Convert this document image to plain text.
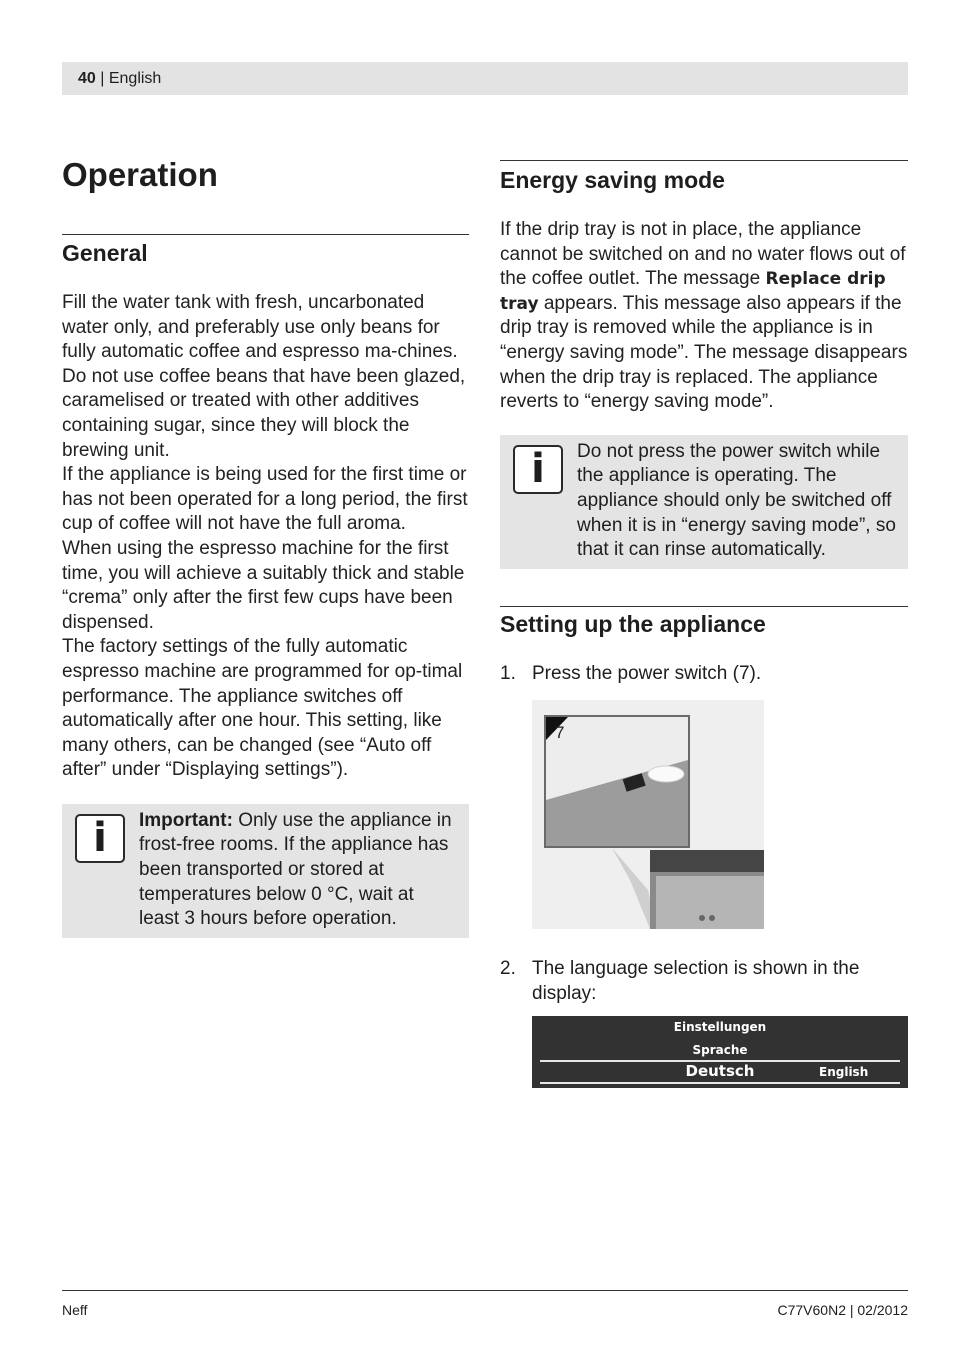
40 | English
Operation
General

Fill the water tank with fresh, uncarbonated water only, and preferably use only beans for fully automatic coffee and espresso ma-chines. Do not use coffee beans that have been glazed, caramelised or treated with other additives containing sugar, since they will block the brewing unit.

If the appliance is being used for the first time or has not been operated for a long period, the first cup of coffee will not have the full aroma.

When using the espresso machine for the first time, you will achieve a suitably thick and stable “crema” only after the first few cups have been dispensed.

The factory settings of the fully automatic espresso machine are programmed for op-timal performance. The appliance switches off automatically after one hour. This setting, like many others, can be changed (see “Auto off after” under “Displaying settings”).

i	Important: Only use the appliance in frost-free rooms. If the appliance has been transported or stored at temperatures below 0 °C, wait at least 3 hours before operation.
Energy saving mode

If the drip tray is not in place, the appliance cannot be switched on and no water flows out of the coffee outlet. The message Replace drip tray appears. This message also appears if the drip tray is removed while the appliance is in “energy saving mode”. The message disappears when the drip tray is replaced. The appliance reverts to “energy saving mode”.

i	Do not press the power switch while the appliance is operating. The appliance should only be switched off when it is in “energy saving mode”, so that it can rinse automatically.
Setting up the appliance
1. Press the power switch (7).
7
2. The language selection is shown in the display:
Einstellungen
Sprache
Deutsch	English
Neff	C77V60N2 | 02/2012
